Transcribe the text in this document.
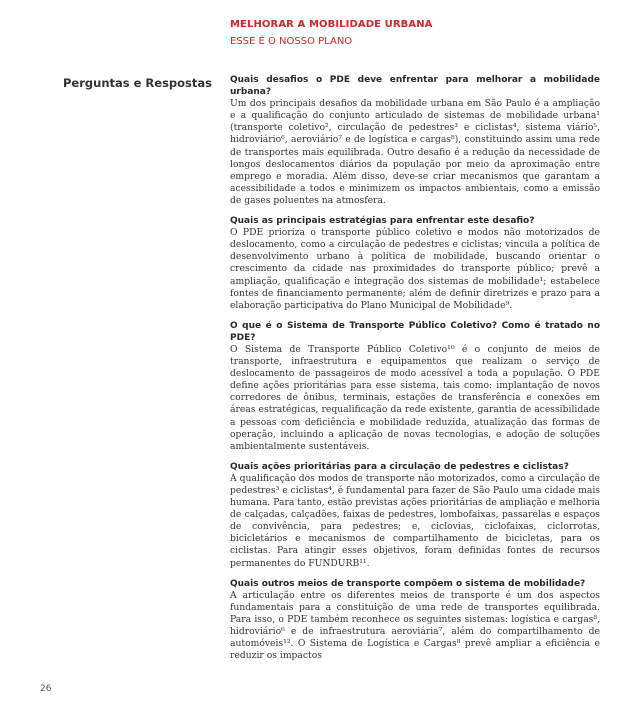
MELHORAR A MOBILIDADE URBANA
ESSE É O NOSSO PLANO
Perguntas e Respostas Quais desafios o PDE deve enfrentar para melhorar a mobilidade urbana?
Um dos principais desafios da mobilidade urbana em São Paulo é a ampliação e a qualificação do conjunto articulado de sistemas de mobilidade urbana¹ (transporte coletivo², circulação de pedestres³ e ciclistas⁴, sistema viário⁵, hidroviário⁶, aeroviário⁷ e de logística e cargas⁸), constituindo assim uma rede de transportes mais equilibrada. Outro desafio é a redução da necessidade de longos deslocamentos diários da população por meio da aproximação entre emprego e moradia. Além disso, deve-se criar mecanismos que garantam a acessibilidade a todos e minimizem os impactos ambientais, como a emissão de gases poluentes na atmosfera.
Quais as principais estratégias para enfrentar este desafio?
O PDE prioriza o transporte público coletivo e modos não motorizados de deslocamento, como a circulação de pedestres e ciclistas; vincula a política de desenvolvimento urbano à política de mobilidade, buscando orientar o crescimento da cidade nas proximidades do transporte público; prevê a ampliação, qualificação e integração dos sistemas de mobilidade¹; estabelece fontes de financiamento permanente; além de definir diretrizes e prazo para a elaboração participativa do Plano Municipal de Mobilidade⁹.
O que é o Sistema de Transporte Público Coletivo? Como é tratado no PDE?
O Sistema de Transporte Público Coletivo¹⁰ é o conjunto de meios de transporte, infraestrutura e equipamentos que realizam o serviço de deslocamento de passageiros de modo acessível a toda a população. O PDE define ações prioritárias para esse sistema, tais como: implantação de novos corredores de ônibus, terminais, estações de transferência e conexões em áreas estratégicas, requalificação da rede existente, garantia de acessibilidade a pessoas com deficiência e mobilidade reduzida, atualização das formas de operação, incluindo a aplicação de novas tecnologias, e adoção de soluções ambientalmente sustentáveis.
Quais ações prioritárias para a circulação de pedestres e ciclistas?
A qualificação dos modos de transporte não motorizados, como a circulação de pedestres³ e ciclistas⁴, é fundamental para fazer de São Paulo uma cidade mais humana. Para tanto, estão previstas ações prioritárias de ampliação e melhoria de calçadas, calçadões, faixas de pedestres, lombofaixas, passarelas e espaços de convivência, para pedestres; e, ciclovias, ciclofaixas, ciclorrotas, bicicletários e mecanismos de compartilhamento de bicicletas, para os ciclistas. Para atingir esses objetivos, foram definidas fontes de recursos permanentes do FUNDURB¹¹.
Quais outros meios de transporte compõem o sistema de mobilidade?
A articulação entre os diferentes meios de transporte é um dos aspectos fundamentais para a constituição de uma rede de transportes equilibrada. Para isso, o PDE também reconhece os seguintes sistemas: logística e cargas⁸, hidroviário⁶ e de infraestrutura aeroviária⁷, além do compartilhamento de automóveis¹². O Sistema de Logística e Cargas⁸ prevê ampliar a eficiência e reduzir os impactos
26
